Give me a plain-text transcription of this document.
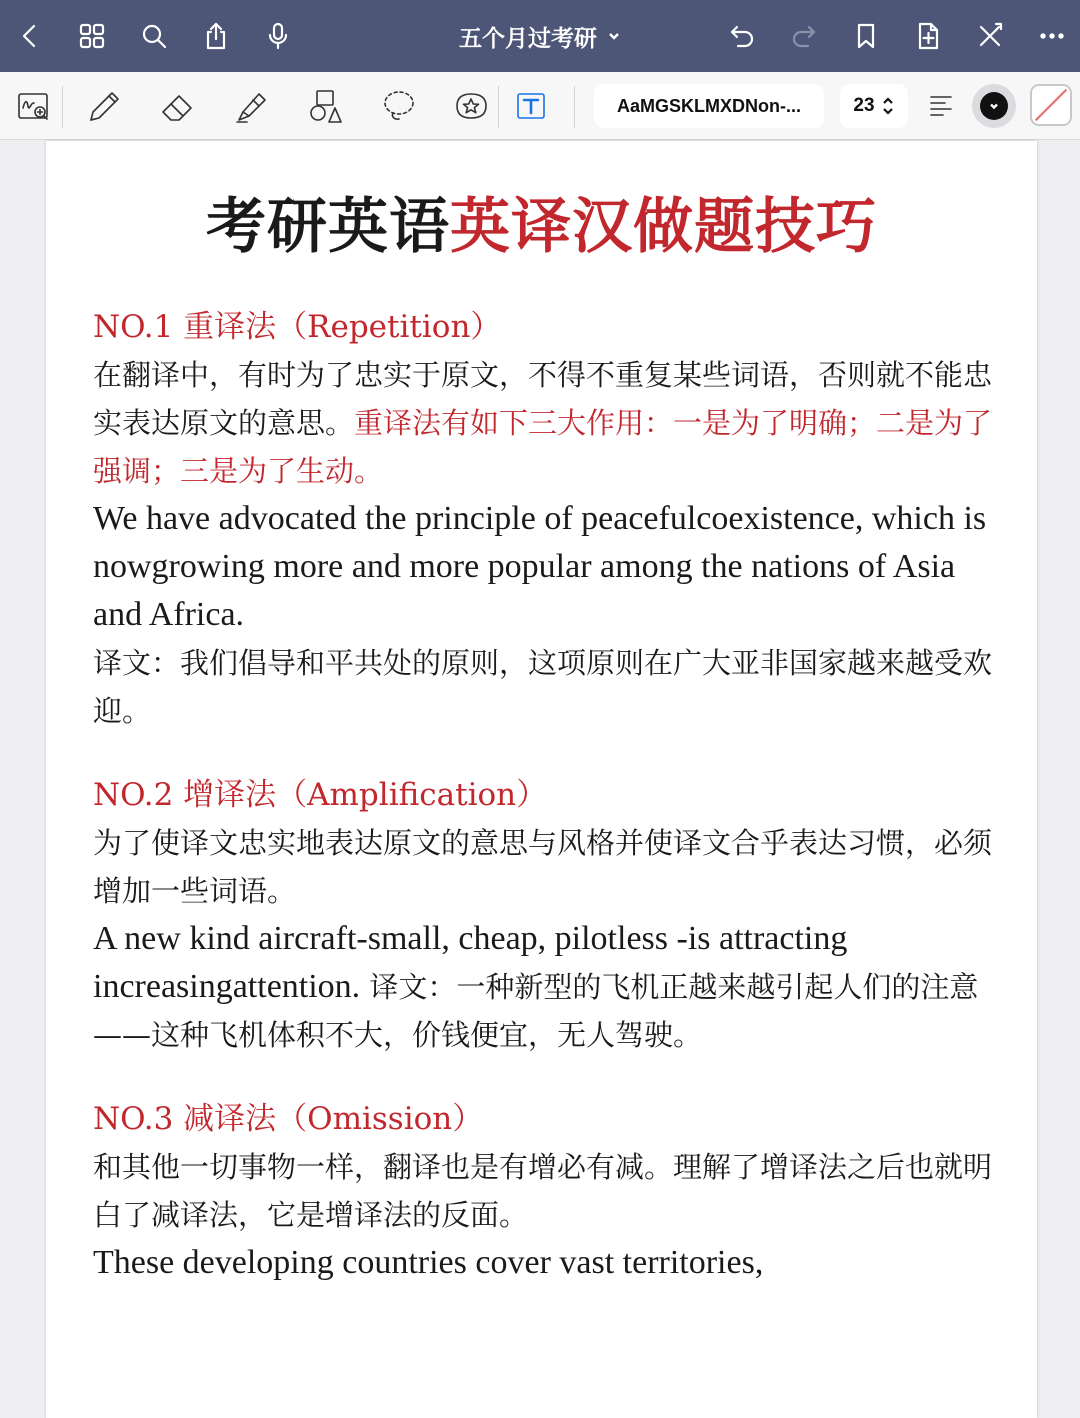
五个月过考研
AaMGSKLMXDNon-...	23
考研英语英译汉做题技巧
NO.1 重译法（Repetition）
在翻译中，有时为了忠实于原文，不得不重复某些词语，否则就不能忠实表达原文的意思。重译法有如下三大作用：一是为了明确；二是为了强调；三是为了生动。
We have advocated the principle of peacefulcoexistence, which is nowgrowing more and more popular among the nations of Asia and Africa.
译文：我们倡导和平共处的原则，这项原则在广大亚非国家越来越受欢迎。
NO.2 增译法（Amplification）
为了使译文忠实地表达原文的意思与风格并使译文合乎表达习惯，必须增加一些词语。
A new kind aircraft-small, cheap, pilotless -is attracting increasingattention. 译文：一种新型的飞机正越来越引起人们的注意——这种飞机体积不大，价钱便宜，无人驾驶。
NO.3 减译法（Omission）
和其他一切事物一样，翻译也是有增必有减。理解了增译法之后也就明白了减译法，它是增译法的反面。
These developing countries cover vast territories,
